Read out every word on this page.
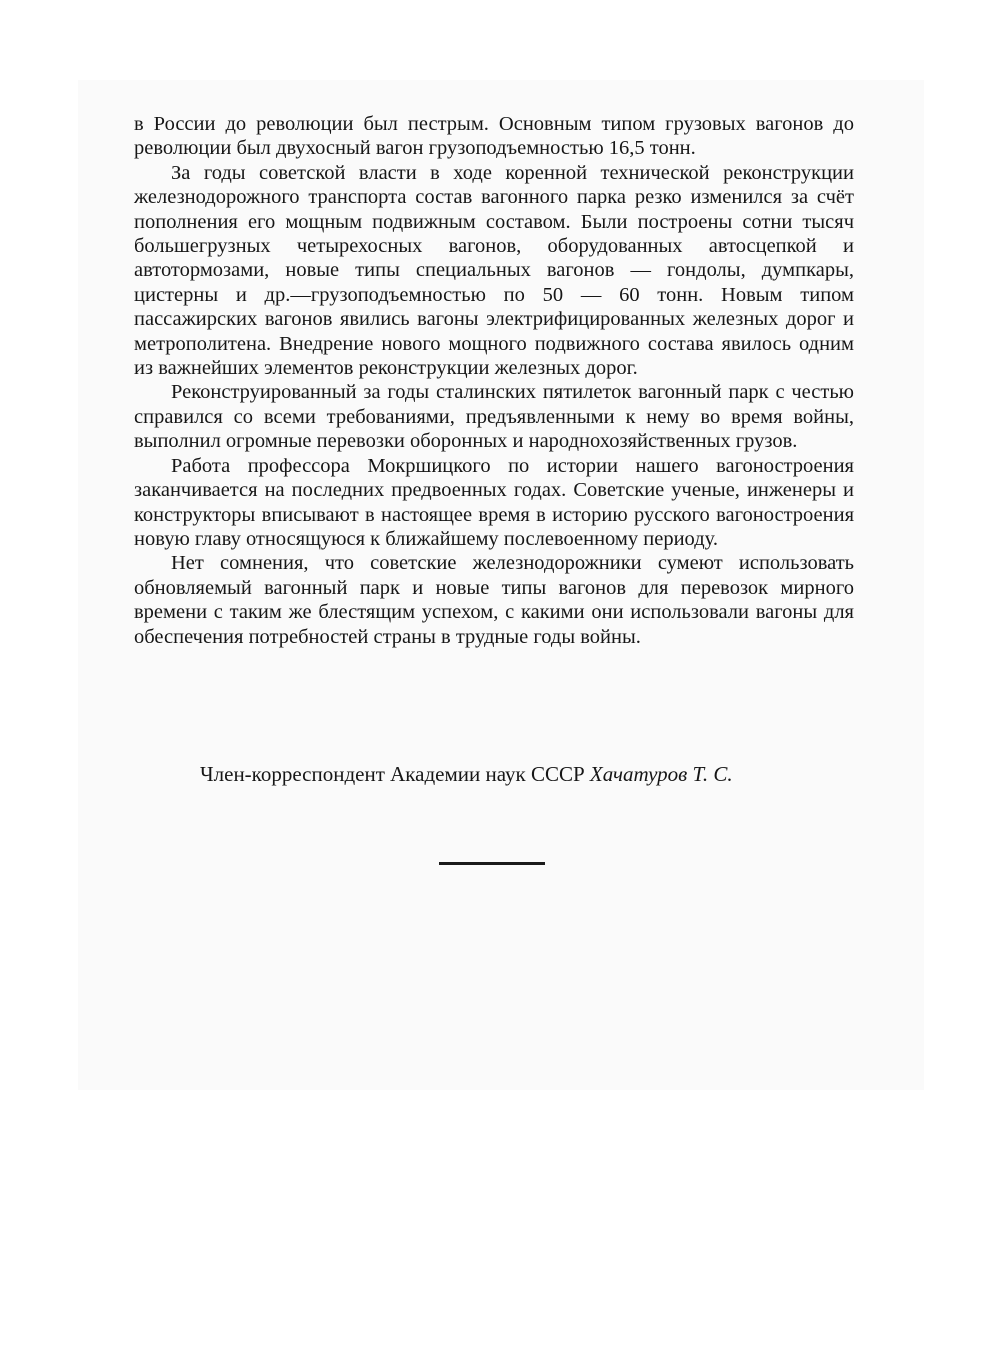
в России до революции был пестрым. Основным типом грузовых вагонов до революции был двухосный вагон грузоподъемностью 16,5 тонн.

За годы советской власти в ходе коренной технической реконструкции железнодорожного транспорта состав вагонного парка резко изменился за счёт пополнения его мощным подвижным составом. Были построены сотни тысяч большегрузных четырехосных вагонов, оборудованных автосцепкой и автотормозами, новые типы специальных вагонов — гондолы, думпкары, цистерны и др.—грузоподъемностью по 50 — 60 тонн. Новым типом пассажирских вагонов явились вагоны электрифицированных железных дорог и метрополитена. Внедрение нового мощного подвижного состава явилось одним из важнейших элементов реконструкции железных дорог.

Реконструированный за годы сталинских пятилеток вагонный парк с честью справился со всеми требованиями, предъявленными к нему во время войны, выполнил огромные перевозки оборонных и народнохозяйственных грузов.

Работа профессора Мокршицкого по истории нашего вагоностроения заканчивается на последних предвоенных годах. Советские ученые, инженеры и конструкторы вписывают в настоящее время в историю русского вагоностроения новую главу относящуюся к ближайшему послевоенному периоду.

Нет сомнения, что советские железнодорожники сумеют использовать обновляемый вагонный парк и новые типы вагонов для перевозок мирного времени с таким же блестящим успехом, с какими они использовали вагоны для обеспечения потребностей страны в трудные годы войны.

Член-корреспондент Академии наук СССР Хачатуров Т. С.
